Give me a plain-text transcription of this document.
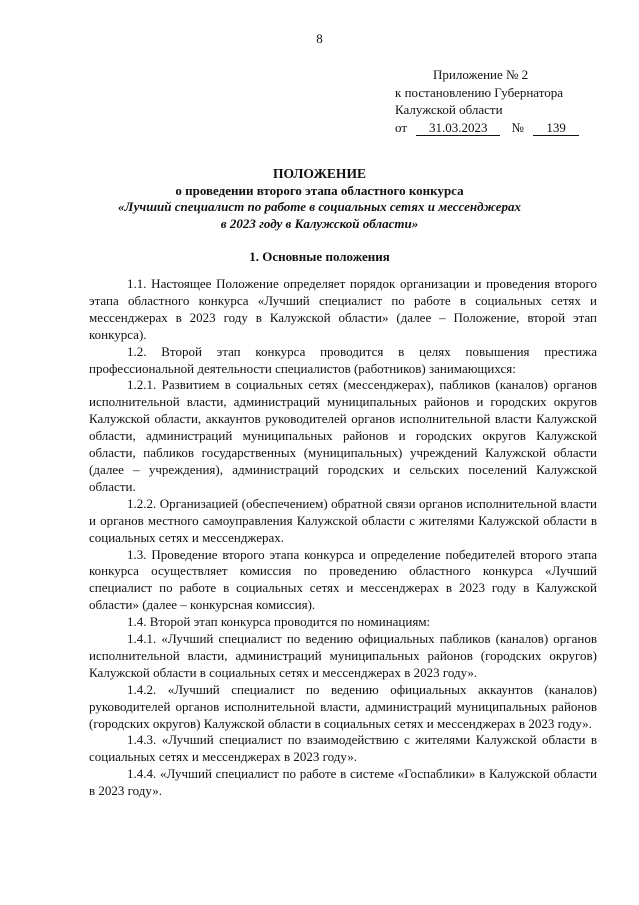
8
Приложение № 2
к постановлению Губернатора
Калужской области
от 31.03.2023 № 139
ПОЛОЖЕНИЕ
о проведении второго этапа областного конкурса
«Лучший специалист по работе в социальных сетях и мессенджерах
в 2023 году в Калужской области»
1. Основные положения

1.1. Настоящее Положение определяет порядок организации и проведения второго этапа областного конкурса «Лучший специалист по работе в социальных сетях и мессенджерах в 2023 году в Калужской области» (далее – Положение, второй этап конкурса).

1.2. Второй этап конкурса проводится в целях повышения престижа профессиональной деятельности специалистов (работников) занимающихся:

1.2.1. Развитием в социальных сетях (мессенджерах), пабликов (каналов) органов исполнительной власти, администраций муниципальных районов и городских округов Калужской области, аккаунтов руководителей органов исполнительной власти Калужской области, администраций муниципальных районов и городских округов Калужской области, пабликов государственных (муниципальных) учреждений Калужской области (далее – учреждения), администраций городских и сельских поселений Калужской области.

1.2.2. Организацией (обеспечением) обратной связи органов исполнительной власти и органов местного самоуправления Калужской области с жителями Калужской области в социальных сетях и мессенджерах.

1.3. Проведение второго этапа конкурса и определение победителей второго этапа конкурса осуществляет комиссия по проведению областного конкурса «Лучший специалист по работе в социальных сетях и мессенджерах в 2023 году в Калужской области» (далее – конкурсная комиссия).

1.4. Второй этап конкурса проводится по номинациям:

1.4.1. «Лучший специалист по ведению официальных пабликов (каналов) органов исполнительной власти, администраций муниципальных районов (городских округов) Калужской области в социальных сетях и мессенджерах в 2023 году».

1.4.2. «Лучший специалист по ведению официальных аккаунтов (каналов) руководителей органов исполнительной власти, администраций муниципальных районов (городских округов) Калужской области в социальных сетях и мессенджерах в 2023 году».

1.4.3. «Лучший специалист по взаимодействию с жителями Калужской области в социальных сетях и мессенджерах в 2023 году».

1.4.4. «Лучший специалист по работе в системе «Госпаблики» в Калужской области в 2023 году».
